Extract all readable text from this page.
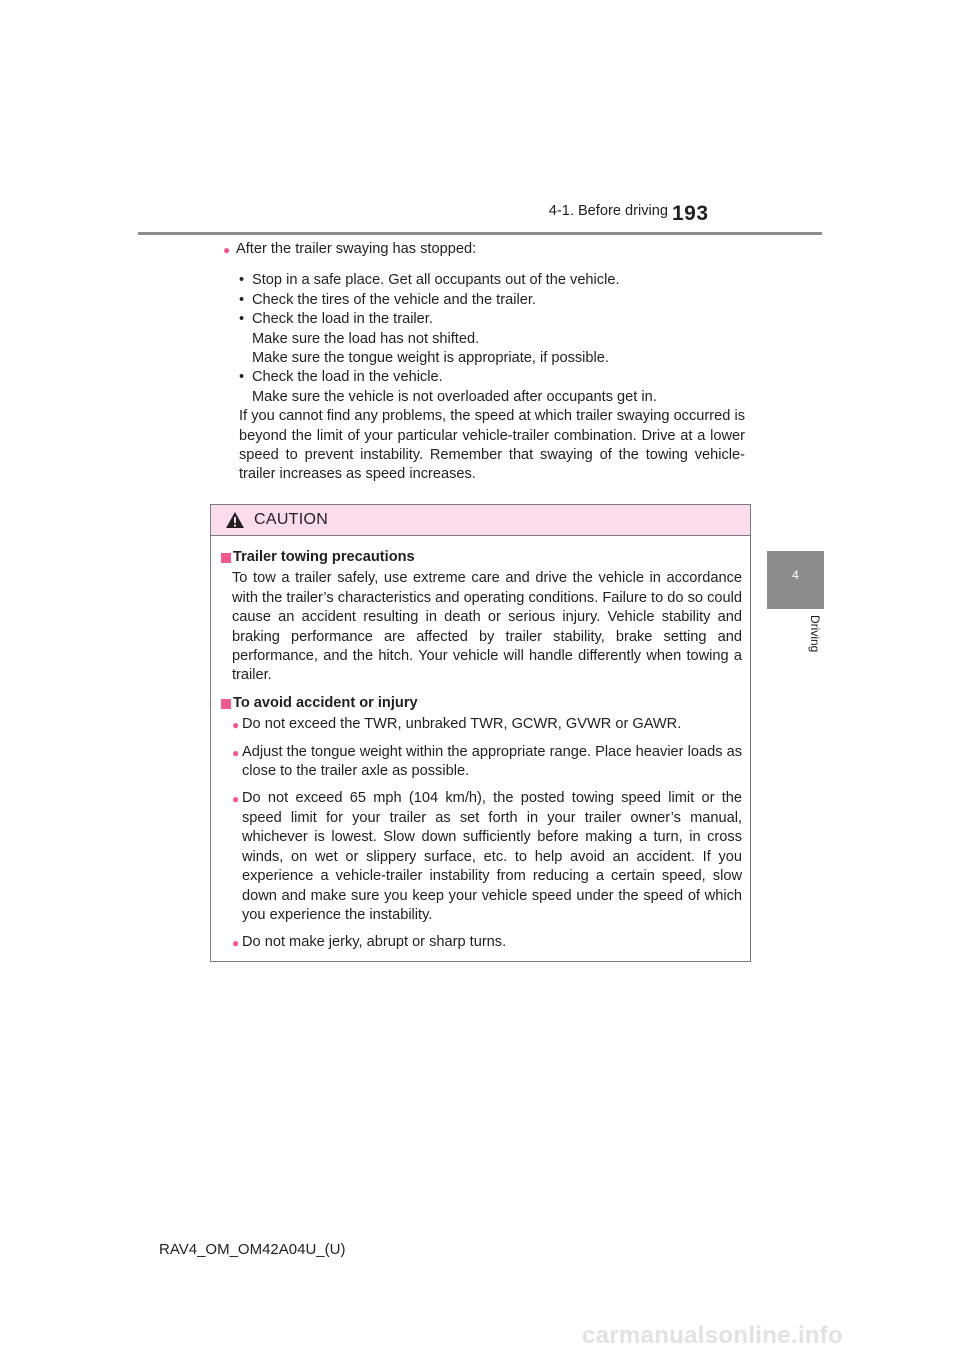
4-1. Before driving 193
4
Driving

● After the trailer swaying has stopped:

• Stop in a safe place. Get all occupants out of the vehicle.
• Check the tires of the vehicle and the trailer.
• Check the load in the trailer.
Make sure the load has not shifted.
Make sure the tongue weight is appropriate, if possible.
• Check the load in the vehicle.
Make sure the vehicle is not overloaded after occupants get in.

If you cannot find any problems, the speed at which trailer swaying occurred is beyond the limit of your particular vehicle-trailer combination. Drive at a lower speed to prevent instability. Remember that swaying of the towing vehicle-trailer increases as speed increases.

CAUTION

Trailer towing precautions

To tow a trailer safely, use extreme care and drive the vehicle in accordance with the trailer’s characteristics and operating conditions. Failure to do so could cause an accident resulting in death or serious injury. Vehicle stability and braking performance are affected by trailer stability, brake setting and performance, and the hitch. Your vehicle will handle differently when towing a trailer.

To avoid accident or injury

● Do not exceed the TWR, unbraked TWR, GCWR, GVWR or GAWR.

● Adjust the tongue weight within the appropriate range. Place heavier loads as close to the trailer axle as possible.

● Do not exceed 65 mph (104 km/h), the posted towing speed limit or the speed limit for your trailer as set forth in your trailer owner’s manual, whichever is lowest. Slow down sufficiently before making a turn, in cross winds, on wet or slippery surface, etc. to help avoid an accident. If you experience a vehicle-trailer instability from reducing a certain speed, slow down and make sure you keep your vehicle speed under the speed of which you experience the instability.

● Do not make jerky, abrupt or sharp turns.

RAV4_OM_OM42A04U_(U)
carmanualsonline.info
